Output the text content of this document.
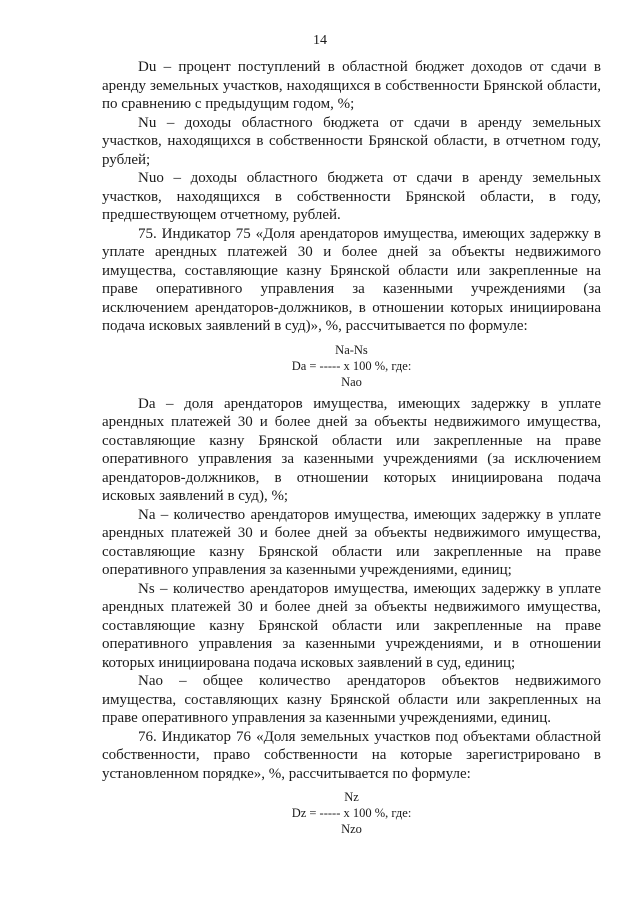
14

Du – процент поступлений в областной бюджет доходов от сдачи в аренду земельных участков, находящихся в собственности Брянской области, по сравнению с предыдущим годом, %;

Nu – доходы областного бюджета от сдачи в аренду земельных участков, находящихся в собственности Брянской области, в отчетном году, рублей;

Nuo – доходы областного бюджета от сдачи в аренду земельных участков, находящихся в собственности Брянской области, в году, предшествующем отчетному, рублей.

75. Индикатор 75 «Доля арендаторов имущества, имеющих задержку в уплате арендных платежей 30 и более дней за объекты недвижимого имущества, составляющие казну Брянской области или закрепленные на праве оперативного управления за казенными учреждениями (за исключением арендаторов-должников, в отношении которых инициирована подача исковых заявлений в суд)», %, рассчитывается по формуле:

Na-Ns
Da = ----- x 100 %, где:
Nao

Da – доля арендаторов имущества, имеющих задержку в уплате арендных платежей 30 и более дней за объекты недвижимого имущества, составляющие казну Брянской области или закрепленные на праве оперативного управления за казенными учреждениями (за исключением арендаторов-должников, в отношении которых инициирована подача исковых заявлений в суд), %;

Na – количество арендаторов имущества, имеющих задержку в уплате арендных платежей 30 и более дней за объекты недвижимого имущества, составляющие казну Брянской области или закрепленные на праве оперативного управления за казенными учреждениями, единиц;

Ns – количество арендаторов имущества, имеющих задержку в уплате арендных платежей 30 и более дней за объекты недвижимого имущества, составляющие казну Брянской области или закрепленные на праве оперативного управления за казенными учреждениями, и в отношении которых инициирована подача исковых заявлений в суд, единиц;

Nao – общее количество арендаторов объектов недвижимого имущества, составляющих казну Брянской области или закрепленных на праве оперативного управления за казенными учреждениями, единиц.

76. Индикатор 76 «Доля земельных участков под объектами областной собственности, право собственности на которые зарегистрировано в установленном порядке», %, рассчитывается по формуле:

Nz
Dz = ----- x 100 %, где:
Nzo
